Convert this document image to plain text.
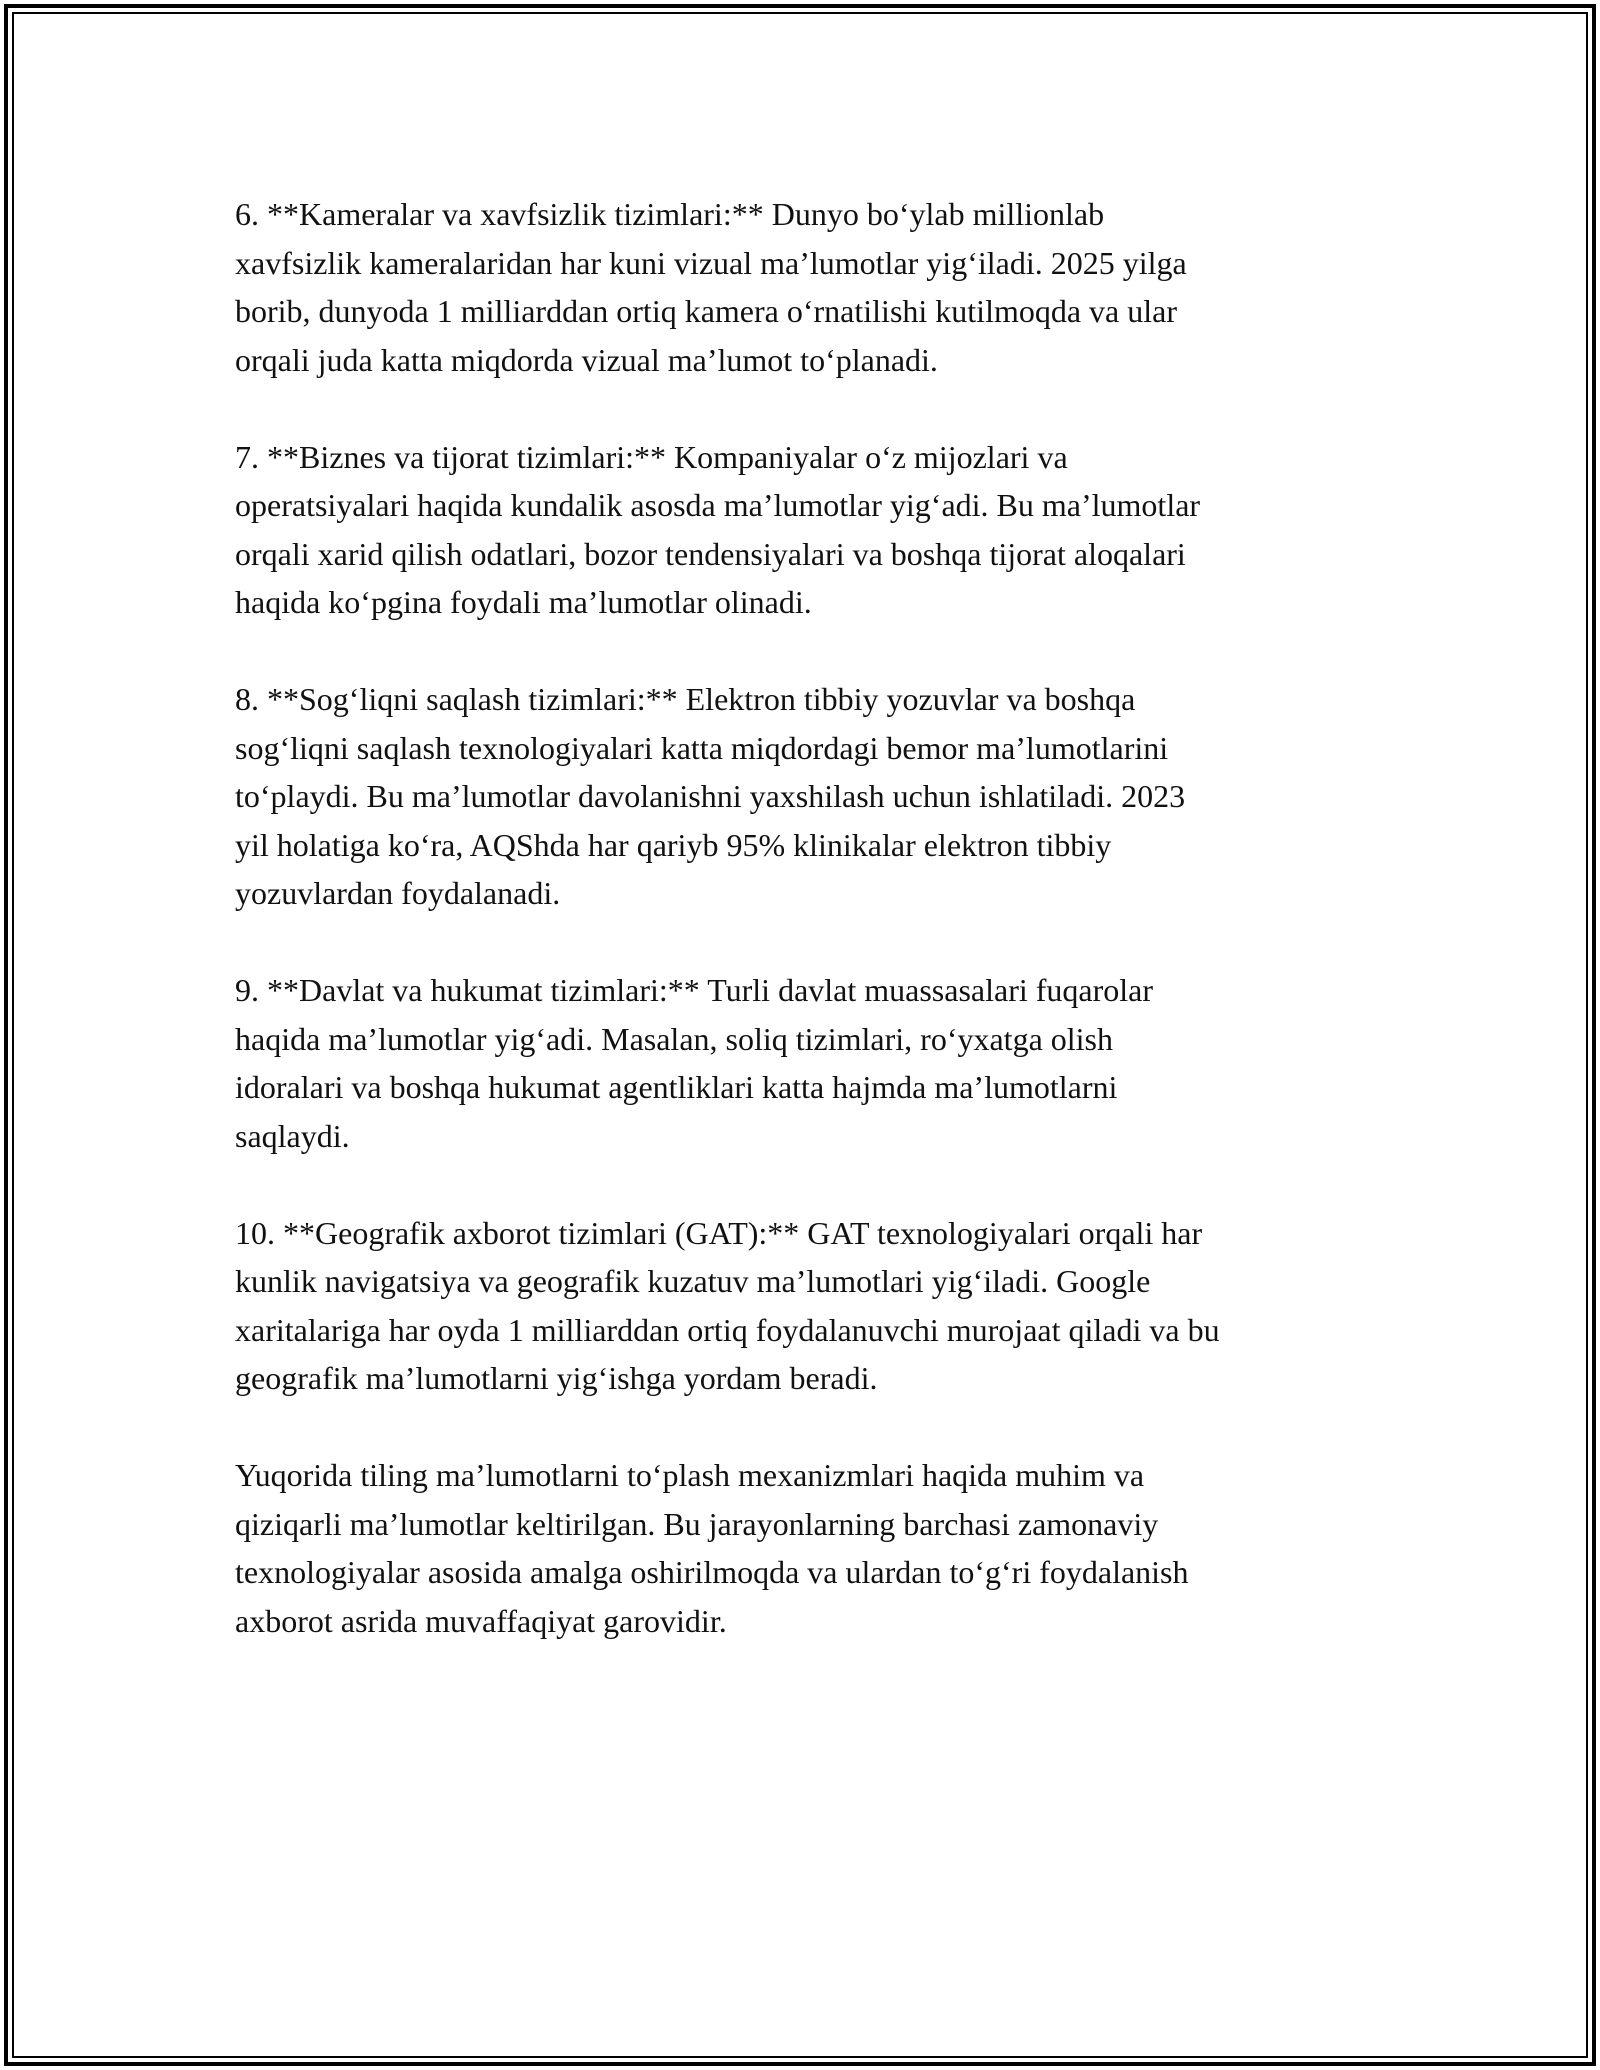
6. **Kameralar va xavfsizlik tizimlari:** Dunyo bo‘ylab millionlab
xavfsizlik kameralaridan har kuni vizual ma’lumotlar yig‘iladi. 2025 yilga
borib, dunyoda 1 milliarddan ortiq kamera o‘rnatilishi kutilmoqda va ular
orqali juda katta miqdorda vizual ma’lumot to‘planadi.

7. **Biznes va tijorat tizimlari:** Kompaniyalar o‘z mijozlari va
operatsiyalari haqida kundalik asosda ma’lumotlar yig‘adi. Bu ma’lumotlar
orqali xarid qilish odatlari, bozor tendensiyalari va boshqa tijorat aloqalari
haqida ko‘pgina foydali ma’lumotlar olinadi.

8. **Sog‘liqni saqlash tizimlari:** Elektron tibbiy yozuvlar va boshqa
sog‘liqni saqlash texnologiyalari katta miqdordagi bemor ma’lumotlarini
to‘playdi. Bu ma’lumotlar davolanishni yaxshilash uchun ishlatiladi. 2023
yil holatiga ko‘ra, AQShda har qariyb 95% klinikalar elektron tibbiy
yozuvlardan foydalanadi.

9. **Davlat va hukumat tizimlari:** Turli davlat muassasalari fuqarolar
haqida ma’lumotlar yig‘adi. Masalan, soliq tizimlari, ro‘yxatga olish
idoralari va boshqa hukumat agentliklari katta hajmda ma’lumotlarni
saqlaydi.

10. **Geografik axborot tizimlari (GAT):** GAT texnologiyalari orqali har
kunlik navigatsiya va geografik kuzatuv ma’lumotlari yig‘iladi. Google
xaritalariga har oyda 1 milliarddan ortiq foydalanuvchi murojaat qiladi va bu
geografik ma’lumotlarni yig‘ishga yordam beradi.

Yuqorida tiling ma’lumotlarni to‘plash mexanizmlari haqida muhim va
qiziqarli ma’lumotlar keltirilgan. Bu jarayonlarning barchasi zamonaviy
texnologiyalar asosida amalga oshirilmoqda va ulardan to‘g‘ri foydalanish
axborot asrida muvaffaqiyat garovidir.
